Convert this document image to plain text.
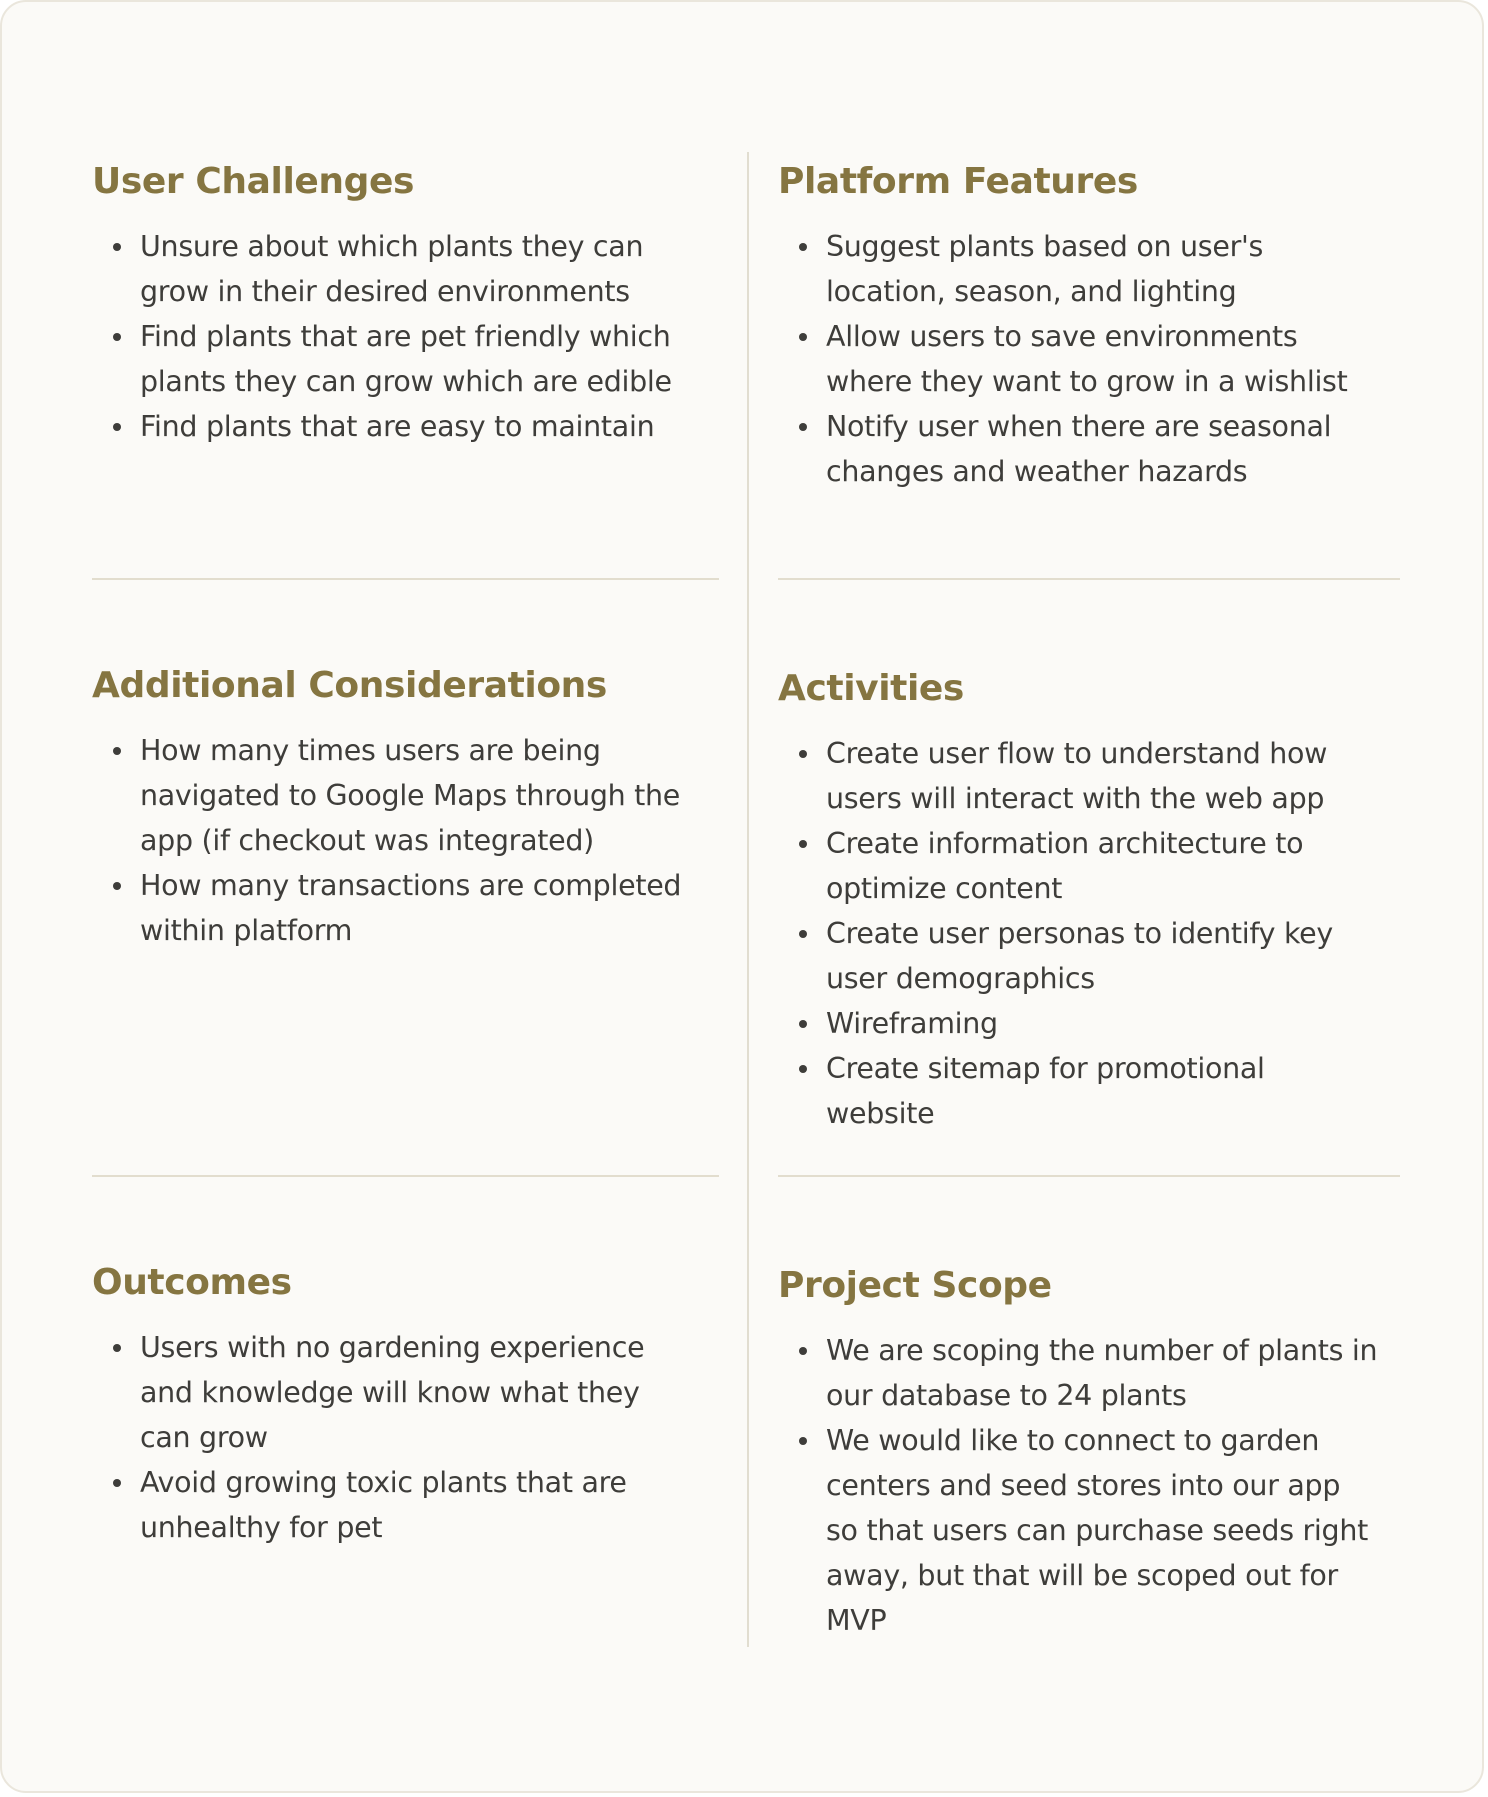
User Challenges
Unsure about which plants they can grow in their desired environments
Find plants that are pet friendly which plants they can grow which are edible
Find plants that are easy to maintain
Platform Features
Suggest plants based on user's location, season, and lighting
Allow users to save environments where they want to grow in a wishlist
Notify user when there are seasonal changes and weather hazards
Additional Considerations
How many times users are being navigated to Google Maps through the app (if checkout was integrated)
How many transactions are completed within platform
Activities
Create user flow to understand how users will interact with the web app
Create information architecture to optimize content
Create user personas to identify key user demographics
Wireframing
Create sitemap for promotional website
Outcomes
Users with no gardening experience and knowledge will know what they can grow
Avoid growing toxic plants that are unhealthy for pet
Project Scope
We are scoping the number of plants in our database to 24 plants
We would like to connect to garden centers and seed stores into our app so that users can purchase seeds right away, but that will be scoped out for MVP
